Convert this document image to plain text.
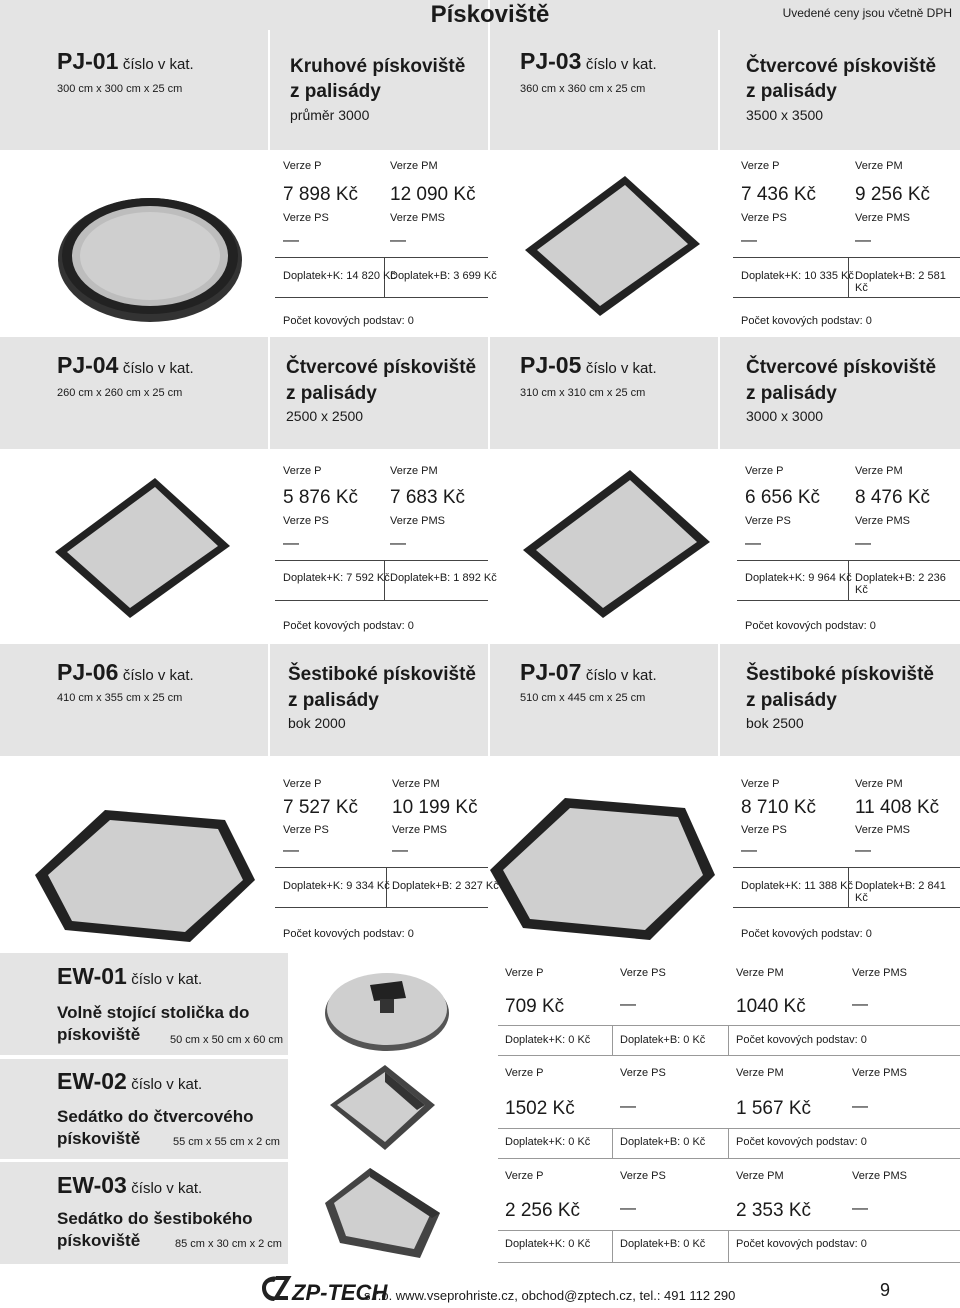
Pískoviště	Uvedené ceny jsou včetně DPH
PJ-01 číslo v kat.
300 cm x 300 cm x 25 cm
Kruhové pískoviště
z palisády
průměr 3000
Verze P	Verze PM
7 898 Kč 12 090 Kč
Verze PS	Verze PMS
—	—
Doplatek+K: 14 820 Kč
Doplatek+B: 3 699 Kč
Počet kovových podstav: 0
PJ-03 číslo v kat.
360 cm x 360 cm x 25 cm
Čtvercové pískoviště
z palisády
3500 x 3500
Verze P	Verze PM
7 436 Kč 9 256 Kč
Verze PS	Verze PMS
—	—
Doplatek+K: 10 335 Kč Doplatek+B: 2 581 Kč
Počet kovových podstav: 0
PJ-04 číslo v kat.
260 cm x 260 cm x 25 cm
Čtvercové pískoviště
z palisády
2500 x 2500
Verze P	Verze PM
5 876 Kč 7 683 Kč
Verze PS	Verze PMS
—	—
Doplatek+K: 7 592 Kč Doplatek+B: 1 892 Kč
Počet kovových podstav: 0
PJ-05 číslo v kat.
310 cm x 310 cm x 25 cm
Čtvercové pískoviště
z palisády
3000 x 3000
Verze P	Verze PM
6 656 Kč 8 476 Kč
Verze PS	Verze PMS
—	—
Doplatek+K: 9 964 Kč Doplatek+B: 2 236 Kč
Počet kovových podstav: 0
PJ-06 číslo v kat.
410 cm x 355 cm x 25 cm
Šestiboké pískoviště
z palisády
bok 2000
Verze P	Verze PM
7 527 Kč 10 199 Kč
Verze PS	Verze PMS
—	—
Doplatek+K: 9 334 Kč Doplatek+B: 2 327 Kč
Počet kovových podstav: 0
PJ-07 číslo v kat.
510 cm x 445 cm x 25 cm
Šestiboké pískoviště
z palisády
bok 2500
Verze P	Verze PM
8 710 Kč 11 408 Kč
Verze PS	Verze PMS
—	—
Doplatek+K: 11 388 Kč Doplatek+B: 2 841 Kč
Počet kovových podstav: 0
EW-01 číslo v kat.
Volně stojící stolička do
pískoviště	50 cm x 50 cm x 60 cm
Verze P	Verze PS	Verze PM	Verze PMS
709 Kč	—	1040 Kč	—
Doplatek+K: 0 Kč	Doplatek+B: 0 Kč	Počet kovových podstav: 0
EW-02 číslo v kat.
Sedátko do čtvercového
pískoviště	55 cm x 55 cm x 2 cm
Verze P	Verze PS	Verze PM	Verze PMS
1502 Kč	—	1 567 Kč	—
Doplatek+K: 0 Kč	Doplatek+B: 0 Kč	Počet kovových podstav: 0
EW-03 číslo v kat.
Sedátko do šestibokého
pískoviště	85 cm x 30 cm x 2 cm
Verze P	Verze PS	Verze PM	Verze PMS
2 256 Kč	—	2 353 Kč	—
Doplatek+K: 0 Kč	Doplatek+B: 0 Kč	Počet kovových podstav: 0
ZP-TECH
s.r.o. www.vseprohriste.cz, obchod@zptech.cz, tel.: 491 112 290	9
